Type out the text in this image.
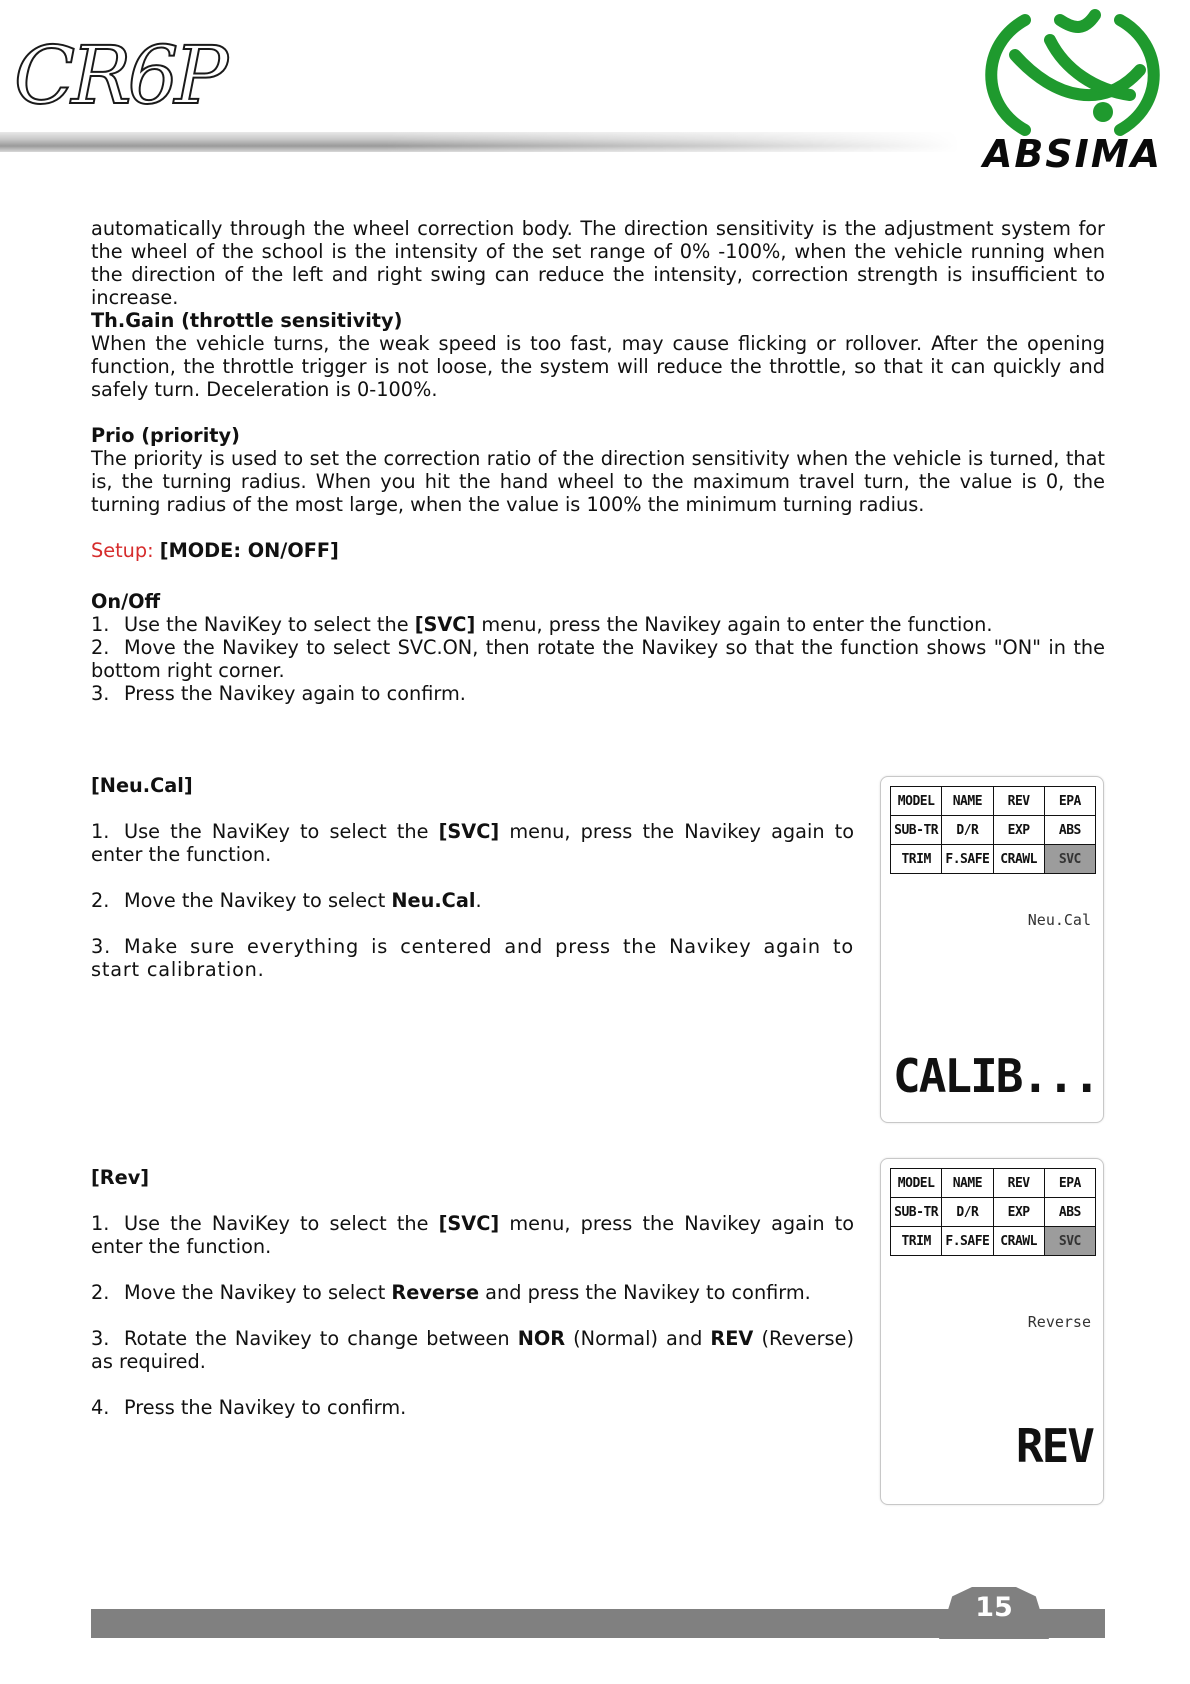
CR6P
ABSIMA

automatically through the wheel correction body. The direction sensitivity is the adjustment system for the wheel of the school is the intensity of the set range of 0% -100%, when the vehicle running when the direction of the left and right swing can reduce the intensity, correction strength is insufficient to increase.

Th.Gain (throttle sensitivity)

When the vehicle turns, the weak speed is too fast, may cause flicking or rollover. After the opening function, the throttle trigger is not loose, the system will reduce the throttle, so that it can quickly and safely turn. Deceleration is 0-100%.

Prio (priority)

The priority is used to set the correction ratio of the direction sensitivity when the vehicle is turned, that is, the turning radius. When you hit the hand wheel to the maximum travel turn, the value is 0, the turning radius of the most large, when the value is 100% the minimum turning radius.

Setup: [MODE: ON/OFF]

On/Off

1. Use the NaviKey to select the [SVC] menu, press the Navikey again to enter the function.
2. Move the Navikey to select SVC.ON, then rotate the Navikey so that the function shows "ON" in the bottom right corner.
3. Press the Navikey again to confirm.

[Neu.Cal]

1. Use the NaviKey to select the [SVC] menu, press the Navikey again to enter the function.

2. Move the Navikey to select Neu.Cal.

3. Make sure everything is centered and press the Navikey again to start calibration.

MODEL	NAME	REV	EPA
SUB-TR	D/R	EXP	ABS
TRIM	F.SAFE	CRAWL	SVC
Neu.Cal
CALIB...

[Rev]

1. Use the NaviKey to select the [SVC] menu, press the Navikey again to enter the function.

2. Move the Navikey to select Reverse and press the Navikey to confirm.

3. Rotate the Navikey to change between NOR (Normal) and REV (Reverse) as required.

4. Press the Navikey to confirm.

MODEL	NAME	REV	EPA
SUB-TR	D/R	EXP	ABS
TRIM	F.SAFE	CRAWL	SVC
Reverse
REV
15
